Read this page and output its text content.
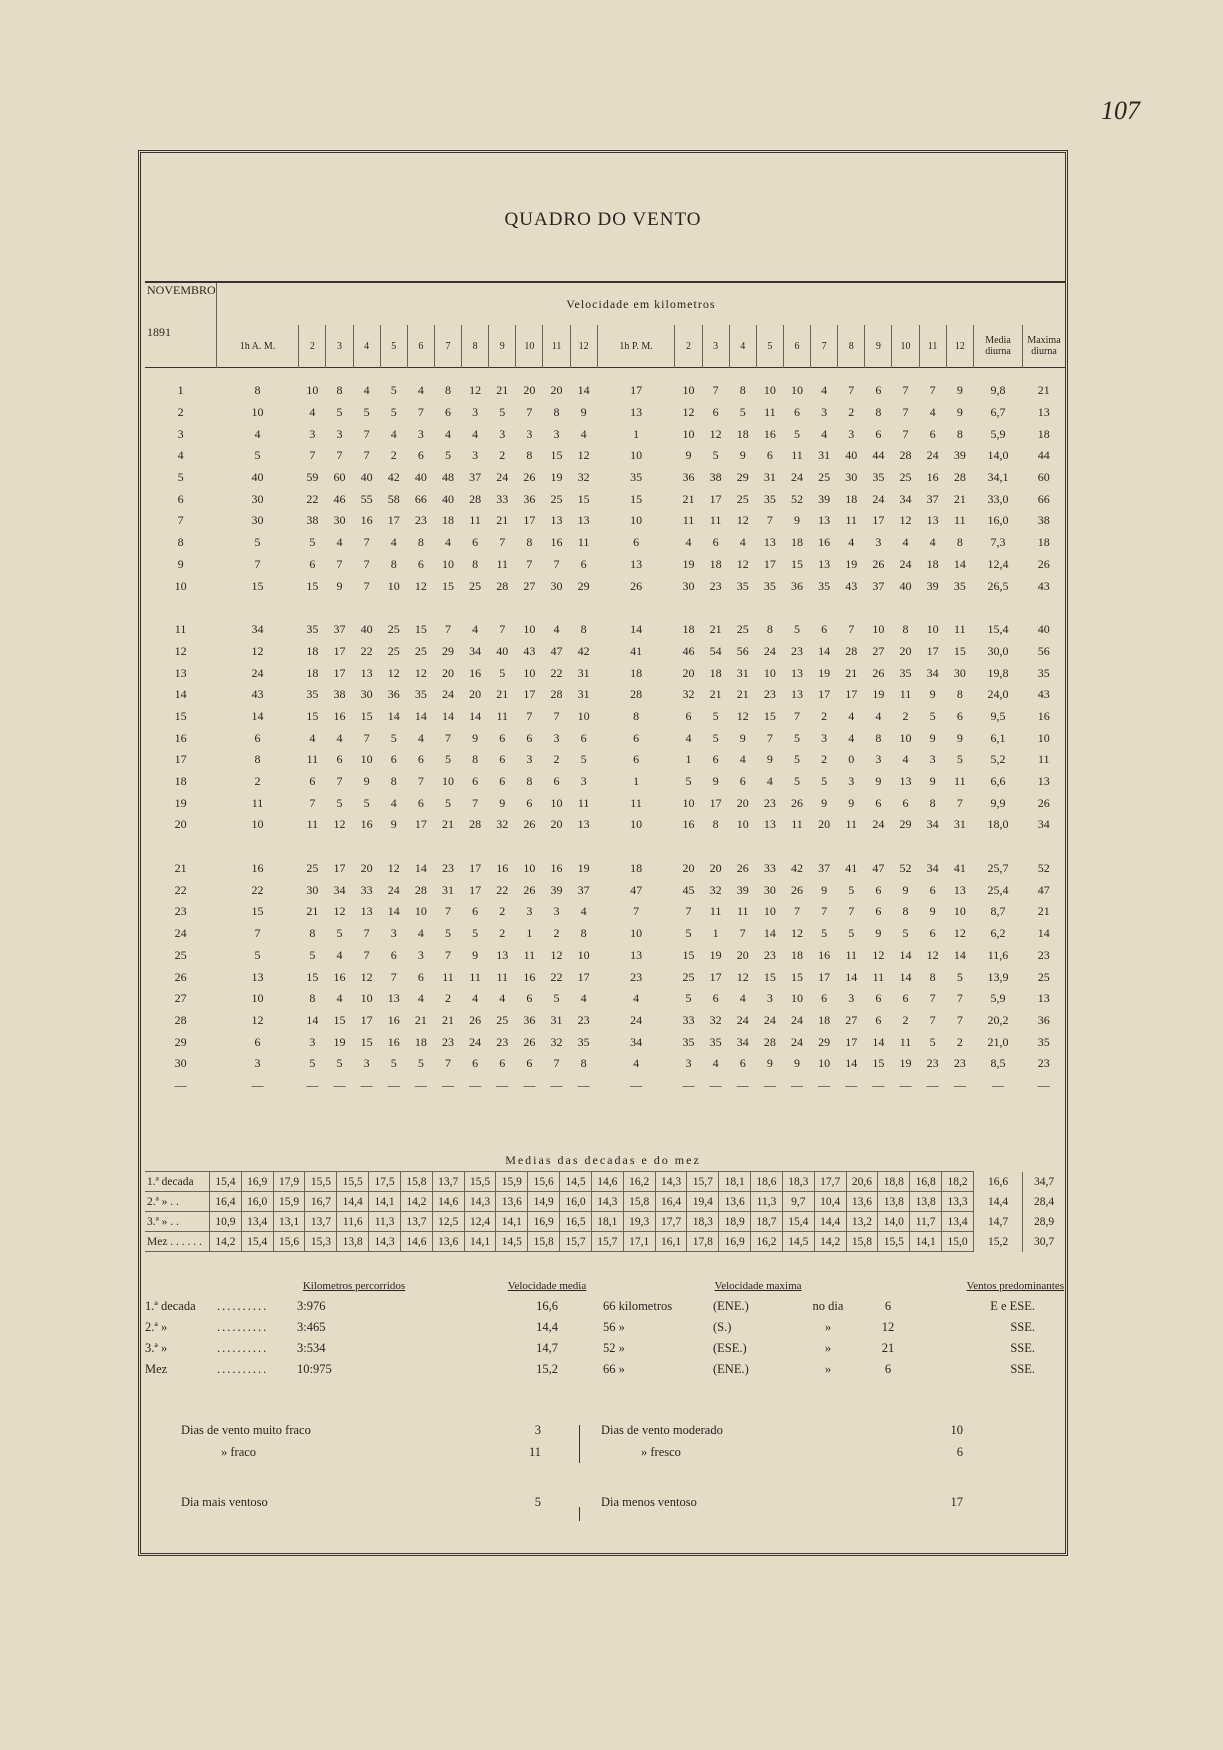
107
QUADRO DO VENTO
NOVEMBRO	Velocidade em kilometros																									
1891	1h A. M.	2	3	4	5	6	7	8	9	10	11	12	1h P. M.	2	3	4	5	6	7	8	9	10	11	12	Media diurna	Maxima diurna
1	8	10	8	4	5	4	8	12	21	20	20	14	17	10	7	8	10	10	4	7	6	7	7	9	9,8	21
2	10	4	5	5	5	7	6	3	5	7	8	9	13	12	6	5	11	6	3	2	8	7	4	9	6,7	13
3	4	3	3	7	4	3	4	4	3	3	3	4	1	10	12	18	16	5	4	3	6	7	6	8	5,9	18
4	5	7	7	7	2	6	5	3	2	8	15	12	10	9	5	9	6	11	31	40	44	28	24	39	14,0	44
5	40	59	60	40	42	40	48	37	24	26	19	32	35	36	38	29	31	24	25	30	35	25	16	28	34,1	60
6	30	22	46	55	58	66	40	28	33	36	25	15	15	21	17	25	35	52	39	18	24	34	37	21	33,0	66
7	30	38	30	16	17	23	18	11	21	17	13	13	10	11	11	12	7	9	13	11	17	12	13	11	16,0	38
8	5	5	4	7	4	8	4	6	7	8	16	11	6	4	6	4	13	18	16	4	3	4	4	8	7,3	18
9	7	6	7	7	8	6	10	8	11	7	7	6	13	19	18	12	17	15	13	19	26	24	18	14	12,4	26
10	15	15	9	7	10	12	15	25	28	27	30	29	26	30	23	35	35	36	35	43	37	40	39	35	26,5	43

11	34	35	37	40	25	15	7	4	7	10	4	8	14	18	21	25	8	5	6	7	10	8	10	11	15,4	40
12	12	18	17	22	25	25	29	34	40	43	47	42	41	46	54	56	24	23	14	28	27	20	17	15	30,0	56
13	24	18	17	13	12	12	20	16	5	10	22	31	18	20	18	31	10	13	19	21	26	35	34	30	19,8	35
14	43	35	38	30	36	35	24	20	21	17	28	31	28	32	21	21	23	13	17	17	19	11	9	8	24,0	43
15	14	15	16	15	14	14	14	14	11	7	7	10	8	6	5	12	15	7	2	4	4	2	5	6	9,5	16
16	6	4	4	7	5	4	7	9	6	6	3	6	6	4	5	9	7	5	3	4	8	10	9	9	6,1	10
17	8	11	6	10	6	6	5	8	6	3	2	5	6	1	6	4	9	5	2	0	3	4	3	5	5,2	11
18	2	6	7	9	8	7	10	6	6	8	6	3	1	5	9	6	4	5	5	3	9	13	9	11	6,6	13
19	11	7	5	5	4	6	5	7	9	6	10	11	11	10	17	20	23	26	9	9	6	6	8	7	9,9	26
20	10	11	12	16	9	17	21	28	32	26	20	13	10	16	8	10	13	11	20	11	24	29	34	31	18,0	34

21	16	25	17	20	12	14	23	17	16	10	16	19	18	20	20	26	33	42	37	41	47	52	34	41	25,7	52
22	22	30	34	33	24	28	31	17	22	26	39	37	47	45	32	39	30	26	9	5	6	9	6	13	25,4	47
23	15	21	12	13	14	10	7	6	2	3	3	4	7	7	11	11	10	7	7	7	6	8	9	10	8,7	21
24	7	8	5	7	3	4	5	5	2	1	2	8	10	5	1	7	14	12	5	5	9	5	6	12	6,2	14
25	5	5	4	7	6	3	7	9	13	11	12	10	13	15	19	20	23	18	16	11	12	14	12	14	11,6	23
26	13	15	16	12	7	6	11	11	11	16	22	17	23	25	17	12	15	15	17	14	11	14	8	5	13,9	25
27	10	8	4	10	13	4	2	4	4	6	5	4	4	5	6	4	3	10	6	3	6	6	7	7	5,9	13
28	12	14	15	17	16	21	21	26	25	36	31	23	24	33	32	24	24	24	18	27	6	2	7	7	20,2	36
29	6	3	19	15	16	18	23	24	23	26	32	35	34	35	35	34	28	24	29	17	14	11	5	2	21,0	35
30	3	5	5	3	5	5	7	6	6	6	7	8	4	3	4	6	9	9	10	14	15	19	23	23	8,5	23
—	—	—	—	—	—	—	—	—	—	—	—	—	—	—	—	—	—	—	—	—	—	—	—	—	—	—
Medias das decadas e do mez
1.ª decada	15,4	16,9	17,9	15,5	15,5	17,5	15,8	13,7	15,5	15,9	15,6	14,5	14,6	16,2	14,3	15,7	18,1	18,6	18,3	17,7	20,6	18,8	16,8	18,2	16,6	34,7
2.ª » . .	16,4	16,0	15,9	16,7	14,4	14,1	14,2	14,6	14,3	13,6	14,9	16,0	14,3	15,8	16,4	19,4	13,6	11,3	9,7	10,4	13,6	13,8	13,8	13,3	14,4	28,4
3.ª » . .	10,9	13,4	13,1	13,7	11,6	11,3	13,7	12,5	12,4	14,1	16,9	16,5	18,1	19,3	17,7	18,3	18,9	18,7	15,4	14,4	13,2	14,0	11,7	13,4	14,7	28,9
Mez . . . . . .	14,2	15,4	15,6	15,3	13,8	14,3	14,6	13,6	14,1	14,5	15,8	15,7	15,7	17,1	16,1	17,8	16,9	16,2	14,5	14,2	15,8	15,5	14,1	15,0	15,2	30,7
	Kilometros percorridos		Velocidade media	Velocidade maxima				Ventos predominantes
1.ª decada	..........	3:976	16,6	66 kilometros	(ENE.)	no dia	6	E e ESE.
2.ª »	..........	3:465	14,4	56 »	(S.)	»	12	SSE.
3.ª »	..........	3:534	14,7	52 »	(ESE.)	»	21	SSE.
Mez	..........	10:975	15,2	66 »	(ENE.)	»	6	SSE.
Dias de vento muito fraco	3	Dias de vento moderado	10
» fraco	11	» fresco	6
Dia mais ventoso	5	Dia menos ventoso	17
